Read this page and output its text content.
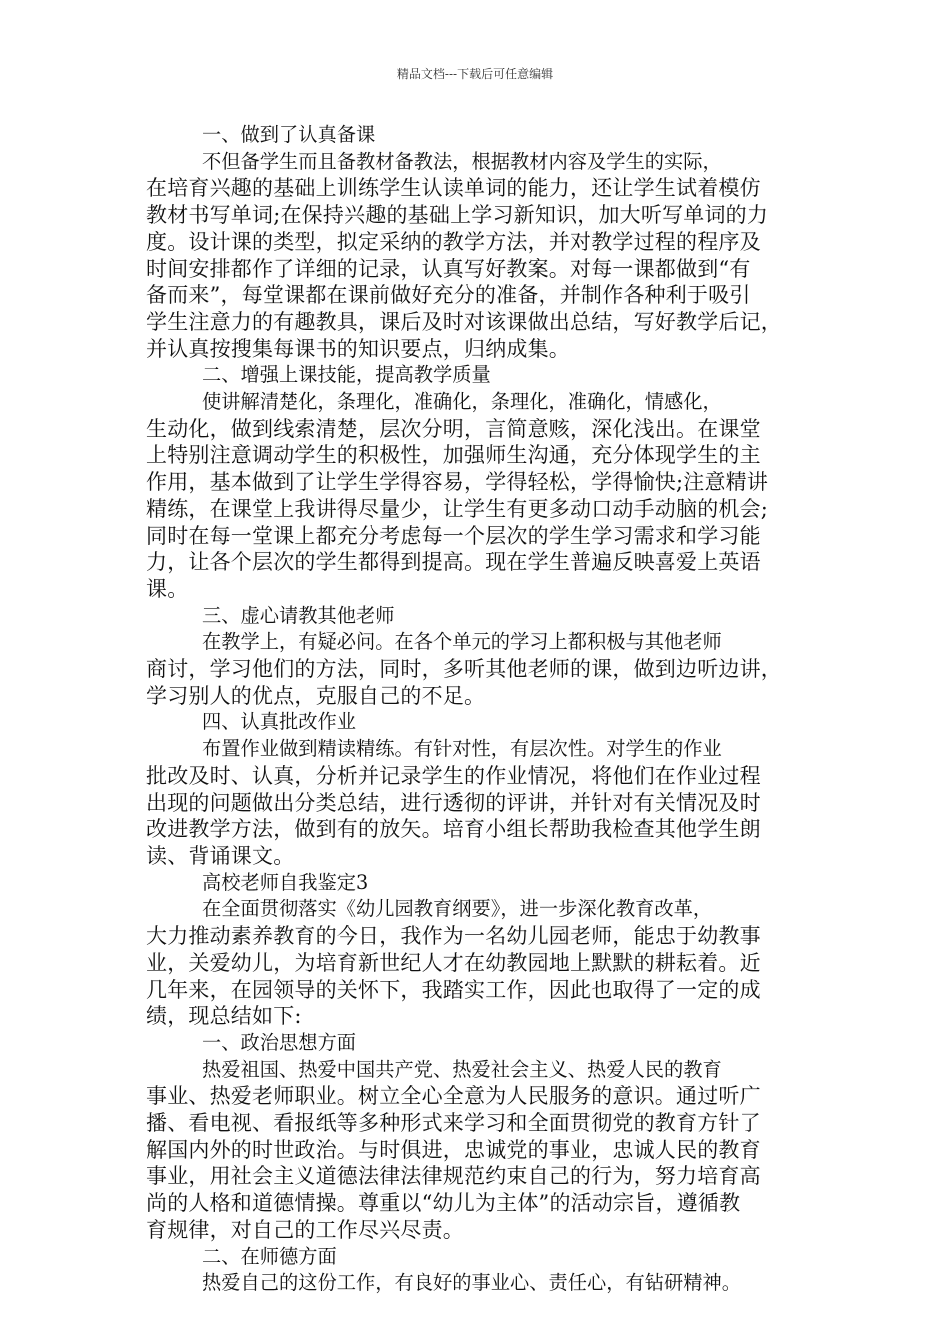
精品文档---下载后可任意编辑
一、做到了认真备课
不但备学生而且备教材备教法，根据教材内容及学生的实际，
在培育兴趣的基础上训练学生认读单词的能力，还让学生试着模仿
教材书写单词;在保持兴趣的基础上学习新知识，加大听写单词的力
度。设计课的类型，拟定采纳的教学方法，并对教学过程的程序及
时间安排都作了详细的记录，认真写好教案。对每一课都做到“有
备而来”，每堂课都在课前做好充分的准备，并制作各种利于吸引
学生注意力的有趣教具，课后及时对该课做出总结，写好教学后记，
并认真按搜集每课书的知识要点，归纳成集。
二、增强上课技能，提高教学质量
使讲解清楚化，条理化，准确化，条理化，准确化，情感化，
生动化，做到线索清楚，层次分明，言简意赅，深化浅出。在课堂
上特别注意调动学生的积极性，加强师生沟通，充分体现学生的主
作用，基本做到了让学生学得容易，学得轻松，学得愉快;注意精讲
精练，在课堂上我讲得尽量少，让学生有更多动口动手动脑的机会;
同时在每一堂课上都充分考虑每一个层次的学生学习需求和学习能
力，让各个层次的学生都得到提高。现在学生普遍反映喜爱上英语
课。
三、虚心请教其他老师
在教学上，有疑必问。在各个单元的学习上都积极与其他老师
商讨，学习他们的方法，同时，多听其他老师的课，做到边听边讲，
学习别人的优点，克服自己的不足。
四、认真批改作业
布置作业做到精读精练。有针对性，有层次性。对学生的作业
批改及时、认真，分析并记录学生的作业情况，将他们在作业过程
出现的问题做出分类总结，进行透彻的评讲，并针对有关情况及时
改进教学方法，做到有的放矢。培育小组长帮助我检查其他学生朗
读、背诵课文。
高校老师自我鉴定3
在全面贯彻落实《幼儿园教育纲要》，进一步深化教育改革，
大力推动素养教育的今日，我作为一名幼儿园老师，能忠于幼教事
业，关爱幼儿，为培育新世纪人才在幼教园地上默默的耕耘着。近
几年来，在园领导的关怀下，我踏实工作，因此也取得了一定的成
绩，现总结如下:
一、政治思想方面
热爱祖国、热爱中国共产党、热爱社会主义、热爱人民的教育
事业、热爱老师职业。树立全心全意为人民服务的意识。通过听广
播、看电视、看报纸等多种形式来学习和全面贯彻党的教育方针了
解国内外的时世政治。与时俱进，忠诚党的事业，忠诚人民的教育
事业，用社会主义道德法律法律规范约束自己的行为，努力培育高
尚的人格和道德情操。尊重以“幼儿为主体”的活动宗旨，遵循教
育规律，对自己的工作尽兴尽责。
二、在师德方面
热爱自己的这份工作，有良好的事业心、责任心，有钻研精神。
